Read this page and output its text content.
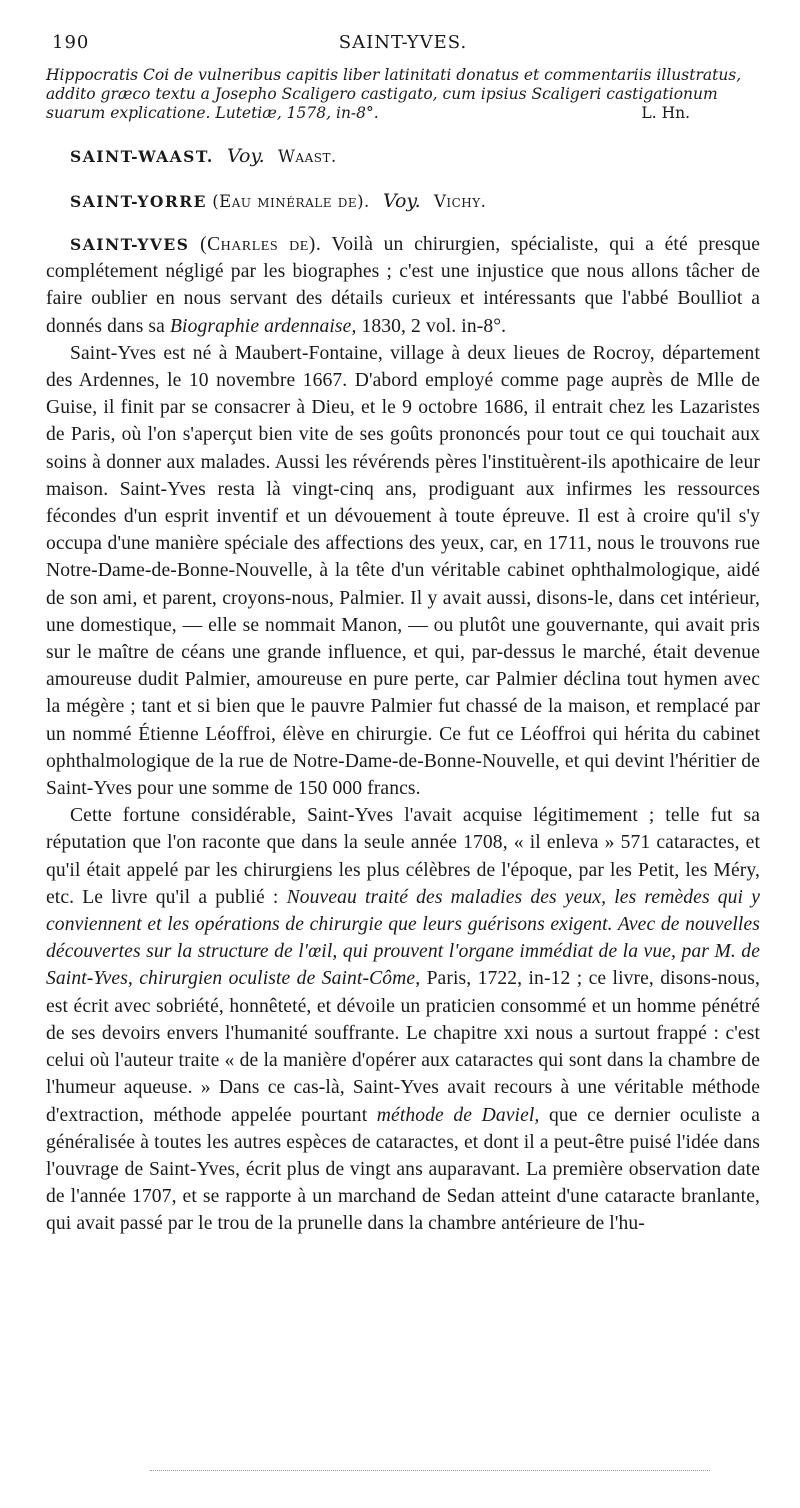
190	SAINT-YVES.
Hippocratis Coi de vulneribus capitis liber latinitati donatus et commentariis illustratus,
addito græco textu a Josepho Scaligero castigato, cum ipsius Scaligeri castigationum
suarum explicatione. Lutetiæ, 1578, in-8°.	L. Hn.
SAINT-WAAST. Voy. Waast.
SAINT-YORRE (Eau minérale de). Voy. Vichy.

SAINT-YVES (Charles de). Voilà un chirurgien, spécialiste, qui a été presque complétement négligé par les biographes ; c'est une injustice que nous allons tâcher de faire oublier en nous servant des détails curieux et intéressants que l'abbé Boulliot a donnés dans sa Biographie ardennaise, 1830, 2 vol. in-8°.

Saint-Yves est né à Maubert-Fontaine, village à deux lieues de Rocroy, département des Ardennes, le 10 novembre 1667. D'abord employé comme page auprès de Mlle de Guise, il finit par se consacrer à Dieu, et le 9 octobre 1686, il entrait chez les Lazaristes de Paris, où l'on s'aperçut bien vite de ses goûts prononcés pour tout ce qui touchait aux soins à donner aux malades. Aussi les révérends pères l'instituèrent-ils apothicaire de leur maison. Saint-Yves resta là vingt-cinq ans, prodiguant aux infirmes les ressources fécondes d'un esprit inventif et un dévouement à toute épreuve. Il est à croire qu'il s'y occupa d'une manière spéciale des affections des yeux, car, en 1711, nous le trouvons rue Notre-Dame-de-Bonne-Nouvelle, à la tête d'un véritable cabinet ophthalmologique, aidé de son ami, et parent, croyons-nous, Palmier. Il y avait aussi, disons-le, dans cet intérieur, une domestique, — elle se nommait Manon, — ou plutôt une gouvernante, qui avait pris sur le maître de céans une grande influence, et qui, par-dessus le marché, était devenue amoureuse dudit Palmier, amoureuse en pure perte, car Palmier déclina tout hymen avec la mégère ; tant et si bien que le pauvre Palmier fut chassé de la maison, et remplacé par un nommé Étienne Léoffroi, élève en chirurgie. Ce fut ce Léoffroi qui hérita du cabinet ophthalmologique de la rue de Notre-Dame-de-Bonne-Nouvelle, et qui devint l'héritier de Saint-Yves pour une somme de 150 000 francs.

Cette fortune considérable, Saint-Yves l'avait acquise légitimement ; telle fut sa réputation que l'on raconte que dans la seule année 1708, « il enleva » 571 cataractes, et qu'il était appelé par les chirurgiens les plus célèbres de l'époque, par les Petit, les Méry, etc. Le livre qu'il a publié : Nouveau traité des maladies des yeux, les remèdes qui y conviennent et les opérations de chirurgie que leurs guérisons exigent. Avec de nouvelles découvertes sur la structure de l'œil, qui prouvent l'organe immédiat de la vue, par M. de Saint-Yves, chirurgien oculiste de Saint-Côme, Paris, 1722, in-12 ; ce livre, disons-nous, est écrit avec sobriété, honnêteté, et dévoile un praticien consommé et un homme pénétré de ses devoirs envers l'humanité souffrante. Le chapitre xxi nous a surtout frappé : c'est celui où l'auteur traite « de la manière d'opérer aux cataractes qui sont dans la chambre de l'humeur aqueuse. » Dans ce cas-là, Saint-Yves avait recours à une véritable méthode d'extraction, méthode appelée pourtant méthode de Daviel, que ce dernier oculiste a généralisée à toutes les autres espèces de cataractes, et dont il a peut-être puisé l'idée dans l'ouvrage de Saint-Yves, écrit plus de vingt ans auparavant. La première observation date de l'année 1707, et se rapporte à un marchand de Sedan atteint d'une cataracte branlante, qui avait passé par le trou de la prunelle dans la chambre antérieure de l'hu-
